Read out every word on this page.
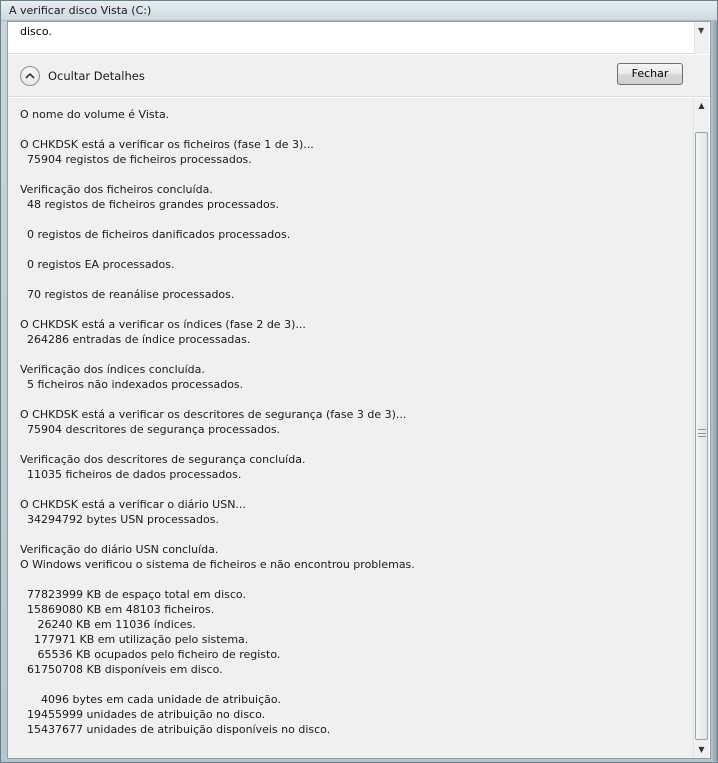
A verificar disco Vista (C:)
disco.	▼
Ocultar Detalhes	Fechar
O nome do volume é Vista.

O CHKDSK está a verificar os ficheiros (fase 1 de 3)...
75904 registos de ficheiros processados.

Verificação dos ficheiros concluída.
48 registos de ficheiros grandes processados.

0 registos de ficheiros danificados processados.

0 registos EA processados.

70 registos de reanálise processados.

O CHKDSK está a verificar os índices (fase 2 de 3)...
264286 entradas de índice processadas.

Verificação dos índices concluída.
5 ficheiros não indexados processados.

O CHKDSK está a verificar os descritores de segurança (fase 3 de 3)...
75904 descritores de segurança processados.

Verificação dos descritores de segurança concluída.
11035 ficheiros de dados processados.

O CHKDSK está a verificar o diário USN...
34294792 bytes USN processados.

Verificação do diário USN concluída.
O Windows verificou o sistema de ficheiros e não encontrou problemas.

77823999 KB de espaço total em disco.
15869080 KB em 48103 ficheiros.
26240 KB em 11036 índices.
177971 KB em utilização pelo sistema.
65536 KB ocupados pelo ficheiro de registo.
61750708 KB disponíveis em disco.

4096 bytes em cada unidade de atribuição.
19455999 unidades de atribuição no disco.
15437677 unidades de atribuição disponíveis no disco.
▲
▼
